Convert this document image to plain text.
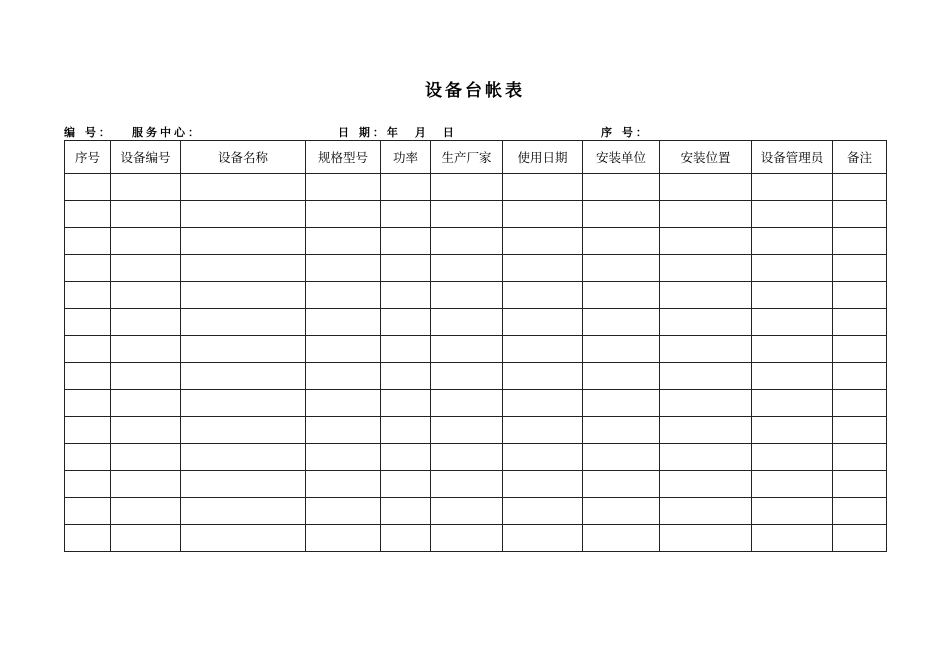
设备台帐表
编 号： 服务中心：	日 期：年 月 日	序 号：
序号	设备编号	设备名称	规格型号	功率	生产厂家	使用日期	安装单位	安装位置	设备管理员	备注
